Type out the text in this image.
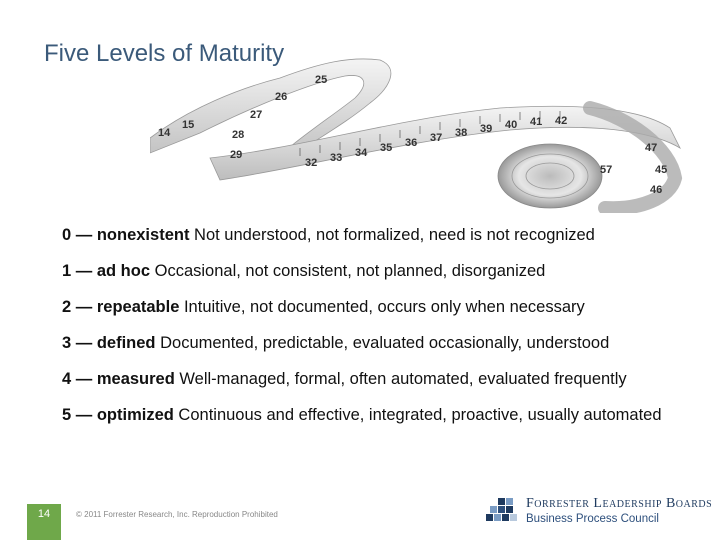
Five Levels of Maturity
14
15
25
26
27
28
29
32 33 34 35 36 37 38 39 40 41 42
45
46
47
57
0 — nonexistent Not understood, not formalized, need is not recognized
1 — ad hoc Occasional, not consistent, not planned, disorganized
2 — repeatable Intuitive, not documented, occurs only when necessary
3 — defined Documented, predictable, evaluated occasionally, understood
4 — measured Well-managed, formal, often automated, evaluated frequently
5 — optimized Continuous and effective, integrated, proactive, usually automated
14	© 2011 Forrester Research, Inc. Reproduction Prohibited
Forrester Leadership Boards
Business Process Council
